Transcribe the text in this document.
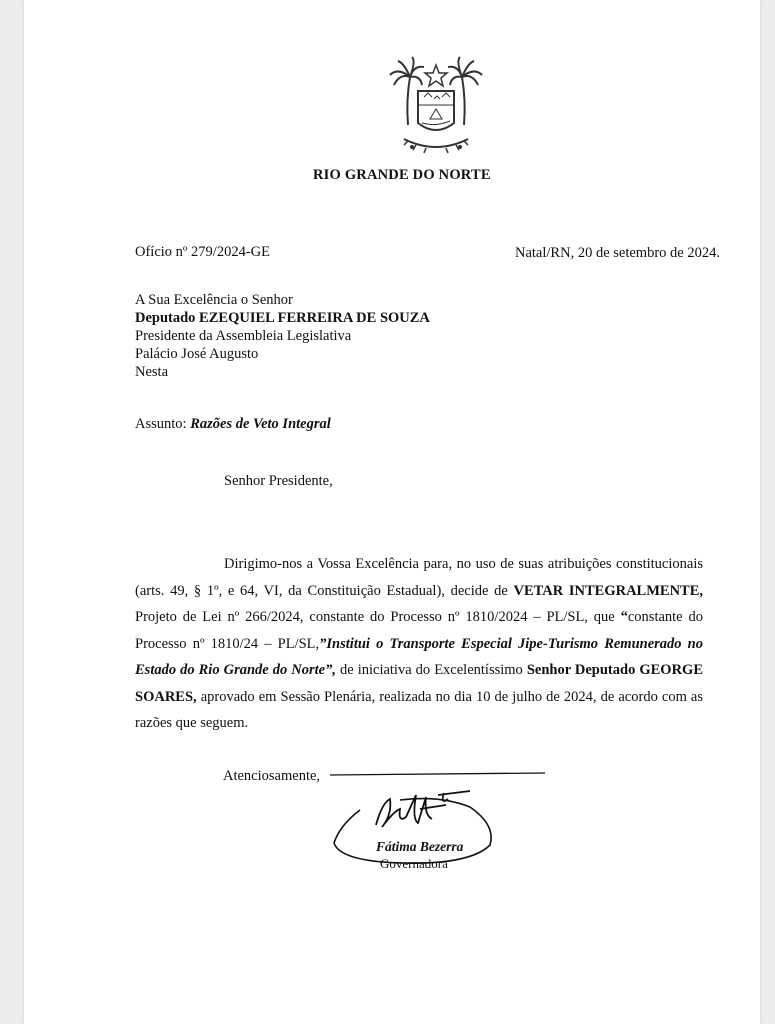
RIO GRANDE DO NORTE
Ofício nº 279/2024-GE	Natal/RN, 20 de setembro de 2024.
A Sua Excelência o Senhor
Deputado EZEQUIEL FERREIRA DE SOUZA
Presidente da Assembleia Legislativa
Palácio José Augusto
Nesta
Assunto: Razões de Veto Integral
Senhor Presidente,

Dirigimo-nos a Vossa Excelência para, no uso de suas atribuições constitucionais (arts. 49, § 1º, e 64, VI, da Constituição Estadual), decide de VETAR INTEGRALMENTE, Projeto de Lei nº 266/2024, constante do Processo nº 1810/2024 – PL/SL, que “constante do Processo nº 1810/24 – PL/SL,”Institui o Transporte Especial Jipe-Turismo Remunerado no Estado do Rio Grande do Norte”, de iniciativa do Excelentíssimo Senhor Deputado GEORGE SOARES, aprovado em Sessão Plenária, realizada no dia 10 de julho de 2024, de acordo com as razões que seguem.

Atenciosamente,
Fátima Bezerra
Governadora
